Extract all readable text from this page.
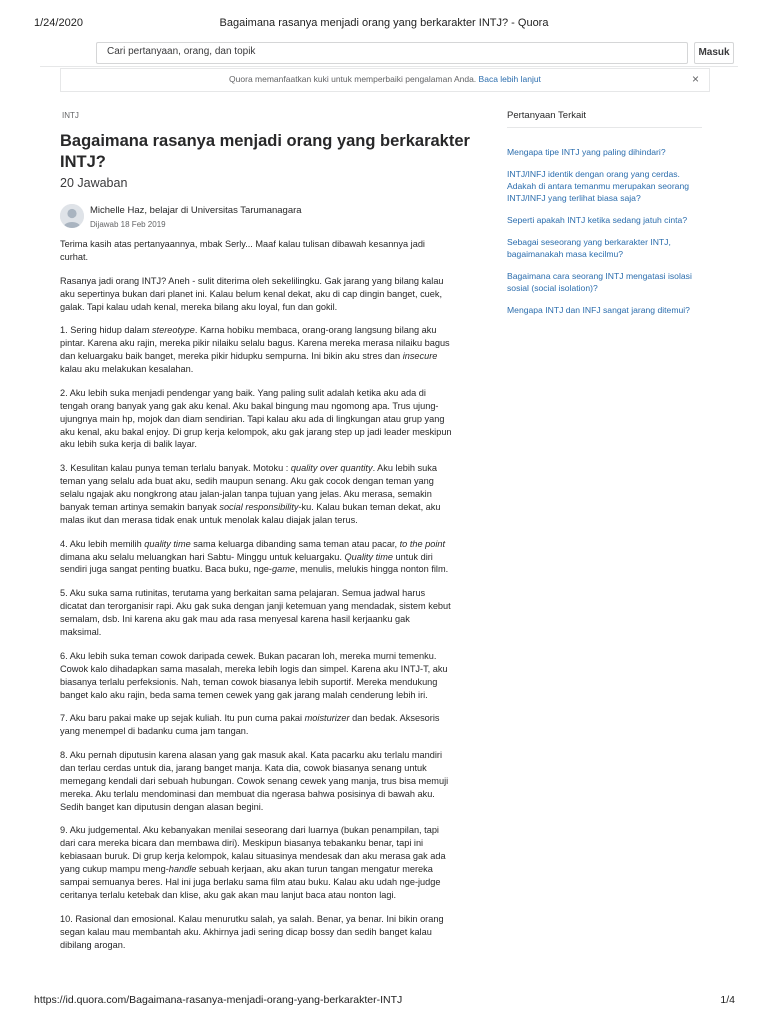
1/24/2020	Bagaimana rasanya menjadi orang yang berkarakter INTJ? - Quora
Cari pertanyaan, orang, dan topik	Masuk
Quora memanfaatkan kuki untuk memperbaiki pengalaman Anda. Baca lebih lanjut	×
INTJ
Bagaimana rasanya menjadi orang yang berkarakter INTJ?
20 Jawaban
Michelle Haz, belajar di Universitas Tarumanagara
Dijawab 18 Feb 2019

Terima kasih atas pertanyaannya, mbak Serly... Maaf kalau tulisan dibawah kesannya jadi curhat.

Rasanya jadi orang INTJ? Aneh - sulit diterima oleh sekelilingku. Gak jarang yang bilang kalau aku sepertinya bukan dari planet ini. Kalau belum kenal dekat, aku di cap dingin banget, cuek, galak. Tapi kalau udah kenal, mereka bilang aku loyal, fun dan gokil.

1. Sering hidup dalam stereotype. Karna hobiku membaca, orang-orang langsung bilang aku pintar. Karena aku rajin, mereka pikir nilaiku selalu bagus. Karena mereka merasa nilaiku bagus dan keluargaku baik banget, mereka pikir hidupku sempurna. Ini bikin aku stres dan insecure kalau aku melakukan kesalahan.

2. Aku lebih suka menjadi pendengar yang baik. Yang paling sulit adalah ketika aku ada di tengah orang banyak yang gak aku kenal. Aku bakal bingung mau ngomong apa. Trus ujung-ujungnya main hp, mojok dan diam sendirian. Tapi kalau aku ada di lingkungan atau grup yang aku kenal, aku bakal enjoy. Di grup kerja kelompok, aku gak jarang step up jadi leader meskipun aku lebih suka kerja di balik layar.

3. Kesulitan kalau punya teman terlalu banyak. Motoku : quality over quantity. Aku lebih suka teman yang selalu ada buat aku, sedih maupun senang. Aku gak cocok dengan teman yang selalu ngajak aku nongkrong atau jalan-jalan tanpa tujuan yang jelas. Aku merasa, semakin banyak teman artinya semakin banyak social responsibility-ku. Kalau bukan teman dekat, aku malas ikut dan merasa tidak enak untuk menolak kalau diajak jalan terus.

4. Aku lebih memilih quality time sama keluarga dibanding sama teman atau pacar, to the point dimana aku selalu meluangkan hari Sabtu- Minggu untuk keluargaku. Quality time untuk diri sendiri juga sangat penting buatku. Baca buku, nge-game, menulis, melukis hingga nonton film.

5. Aku suka sama rutinitas, terutama yang berkaitan sama pelajaran. Semua jadwal harus dicatat dan terorganisir rapi. Aku gak suka dengan janji ketemuan yang mendadak, sistem kebut semalam, dsb. Ini karena aku gak mau ada rasa menyesal karena hasil kerjaanku gak maksimal.

6. Aku lebih suka teman cowok daripada cewek. Bukan pacaran loh, mereka murni temenku. Cowok kalo dihadapkan sama masalah, mereka lebih logis dan simpel. Karena aku INTJ-T, aku biasanya terlalu perfeksionis. Nah, teman cowok biasanya lebih suportif. Mereka mendukung banget kalo aku rajin, beda sama temen cewek yang gak jarang malah cenderung lebih iri.

7. Aku baru pakai make up sejak kuliah. Itu pun cuma pakai moisturizer dan bedak. Aksesoris yang menempel di badanku cuma jam tangan.

8. Aku pernah diputusin karena alasan yang gak masuk akal. Kata pacarku aku terlalu mandiri dan terlau cerdas untuk dia, jarang banget manja. Kata dia, cowok biasanya senang untuk memegang kendali dari sebuah hubungan. Cowok senang cewek yang manja, trus bisa memuji mereka. Aku terlalu mendominasi dan membuat dia ngerasa bahwa posisinya di bawah aku. Sedih banget kan diputusin dengan alasan begini.

9. Aku judgemental. Aku kebanyakan menilai seseorang dari luarnya (bukan penampilan, tapi dari cara mereka bicara dan membawa diri). Meskipun biasanya tebakanku benar, tapi ini kebiasaan buruk. Di grup kerja kelompok, kalau situasinya mendesak dan aku merasa gak ada yang cukup mampu meng-handle sebuah kerjaan, aku akan turun tangan mengatur mereka sampai semuanya beres. Hal ini juga berlaku sama film atau buku. Kalau aku udah nge-judge ceritanya terlalu ketebak dan klise, aku gak akan mau lanjut baca atau nonton lagi.

10. Rasional dan emosional. Kalau menurutku salah, ya salah. Benar, ya benar. Ini bikin orang segan kalau mau membantah aku. Akhirnya jadi sering dicap bossy dan sedih banget kalau dibilang arogan.

Pertanyaan Terkait
Mengapa tipe INTJ yang paling dihindari?
INTJ/INFJ identik dengan orang yang cerdas. Adakah di antara temanmu merupakan seorang INTJ/INFJ yang terlihat biasa saja?
Seperti apakah INTJ ketika sedang jatuh cinta?
Sebagai seseorang yang berkarakter INTJ, bagaimanakah masa kecilmu?
Bagaimana cara seorang INTJ mengatasi isolasi sosial (social isolation)?
Mengapa INTJ dan INFJ sangat jarang ditemui?
https://id.quora.com/Bagaimana-rasanya-menjadi-orang-yang-berkarakter-INTJ	1/4
